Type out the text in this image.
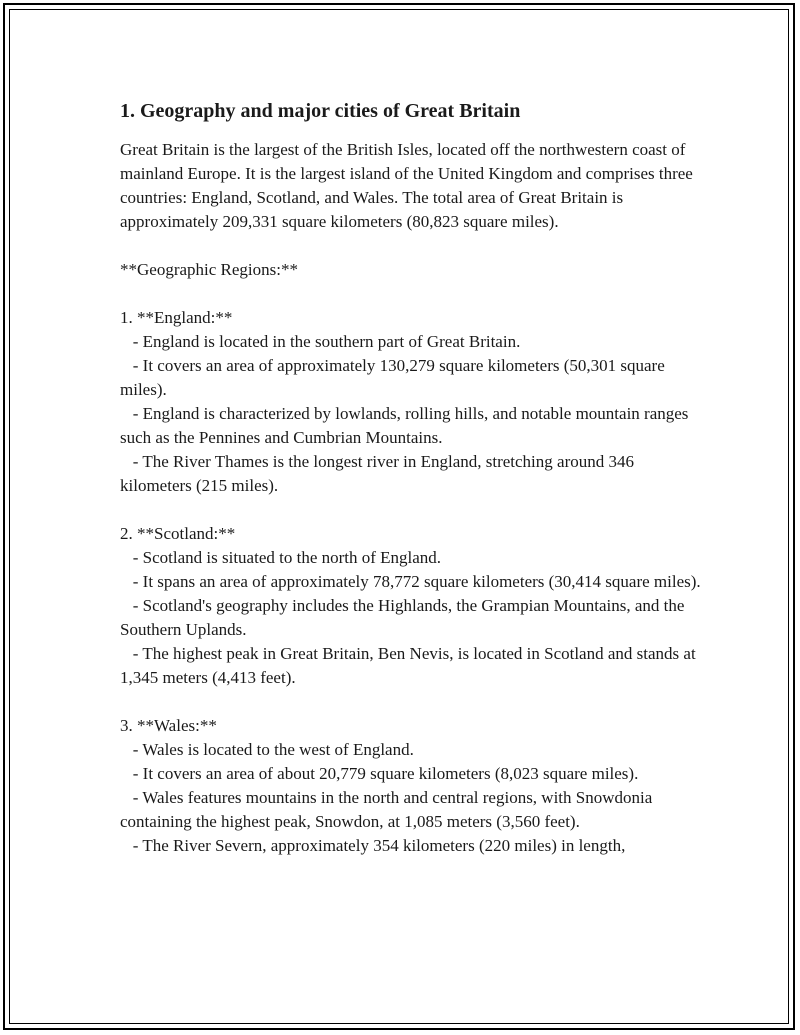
1. Geography and major cities of Great Britain

Great Britain is the largest of the British Isles, located off the northwestern coast of mainland Europe. It is the largest island of the United Kingdom and comprises three countries: England, Scotland, and Wales. The total area of Great Britain is approximately 209,331 square kilometers (80,823 square miles).

**Geographic Regions:**

1. **England:**

- England is located in the southern part of Great Britain.

- It covers an area of approximately 130,279 square kilometers (50,301 square miles).

- England is characterized by lowlands, rolling hills, and notable mountain ranges such as the Pennines and Cumbrian Mountains.

- The River Thames is the longest river in England, stretching around 346 kilometers (215 miles).

2. **Scotland:**

- Scotland is situated to the north of England.

- It spans an area of approximately 78,772 square kilometers (30,414 square miles).

- Scotland's geography includes the Highlands, the Grampian Mountains, and the Southern Uplands.

- The highest peak in Great Britain, Ben Nevis, is located in Scotland and stands at 1,345 meters (4,413 feet).

3. **Wales:**

- Wales is located to the west of England.

- It covers an area of about 20,779 square kilometers (8,023 square miles).

- Wales features mountains in the north and central regions, with Snowdonia containing the highest peak, Snowdon, at 1,085 meters (3,560 feet).

- The River Severn, approximately 354 kilometers (220 miles) in length,
